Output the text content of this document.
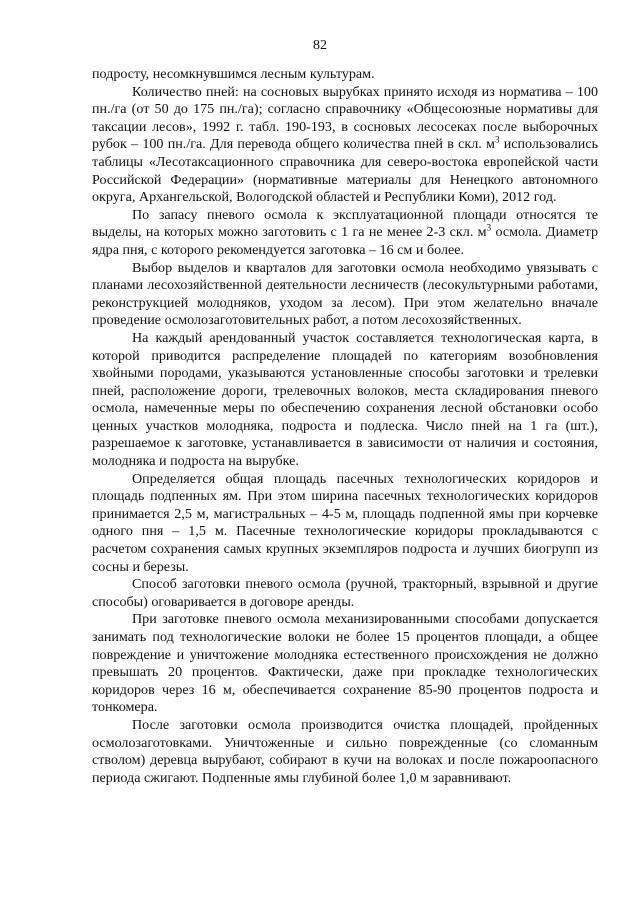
82

подросту, несомкнувшимся лесным культурам.

Количество пней: на сосновых вырубках принято исходя из норматива – 100 пн./га (от 50 до 175 пн./га); согласно справочнику «Общесоюзные нормативы для таксации лесов», 1992 г. табл. 190-193, в сосновых лесосеках после выборочных рубок – 100 пн./га. Для перевода общего количества пней в скл. $м^3$ использовались таблицы «Лесотаксационного справочника для северо-востока европейской части Российской Федерации» (нормативные материалы для Ненецкого автономного округа, Архангельской, Вологодской областей и Республики Коми), 2012 год.

По запасу пневого осмола к эксплуатационной площади относятся те выделы, на которых можно заготовить с 1 га не менее 2-3 скл. $м^3$ осмола. Диаметр ядра пня, с которого рекомендуется заготовка – 16 см и более.

Выбор выделов и кварталов для заготовки осмола необходимо увязывать с планами лесохозяйственной деятельности лесничеств (лесокультурными работами, реконструкцией молодняков, уходом за лесом). При этом желательно вначале проведение осмолозаготовительных работ, а потом лесохозяйственных.

На каждый арендованный участок составляется технологическая карта, в которой приводится распределение площадей по категориям возобновления хвойными породами, указываются установленные способы заготовки и трелевки пней, расположение дороги, трелевочных волоков, места складирования пневого осмола, намеченные меры по обеспечению сохранения лесной обстановки особо ценных участков молодняка, подроста и подлеска. Число пней на 1 га (шт.), разрешаемое к заготовке, устанавливается в зависимости от наличия и состояния, молодняка и подроста на вырубке.

Определяется общая площадь пасечных технологических коридоров и площадь подпенных ям. При этом ширина пасечных технологических коридоров принимается 2,5 м, магистральных – 4-5 м, площадь подпенной ямы при корчевке одного пня – 1,5 м. Пасечные технологические коридоры прокладываются с расчетом сохранения самых крупных экземпляров подроста и лучших биогрупп из сосны и березы.

Способ заготовки пневого осмола (ручной, тракторный, взрывной и другие способы) оговаривается в договоре аренды.

При заготовке пневого осмола механизированными способами допускается занимать под технологические волоки не более 15 процентов площади, а общее повреждение и уничтожение молодняка естественного происхождения не должно превышать 20 процентов. Фактически, даже при прокладке технологических коридоров через 16 м, обеспечивается сохранение 85-90 процентов подроста и тонкомера.

После заготовки осмола производится очистка площадей, пройденных осмолозаготовками. Уничтоженные и сильно поврежденные (со сломанным стволом) деревца вырубают, собирают в кучи на волоках и после пожароопасного периода сжигают. Подпенные ямы глубиной более 1,0 м заравнивают.
